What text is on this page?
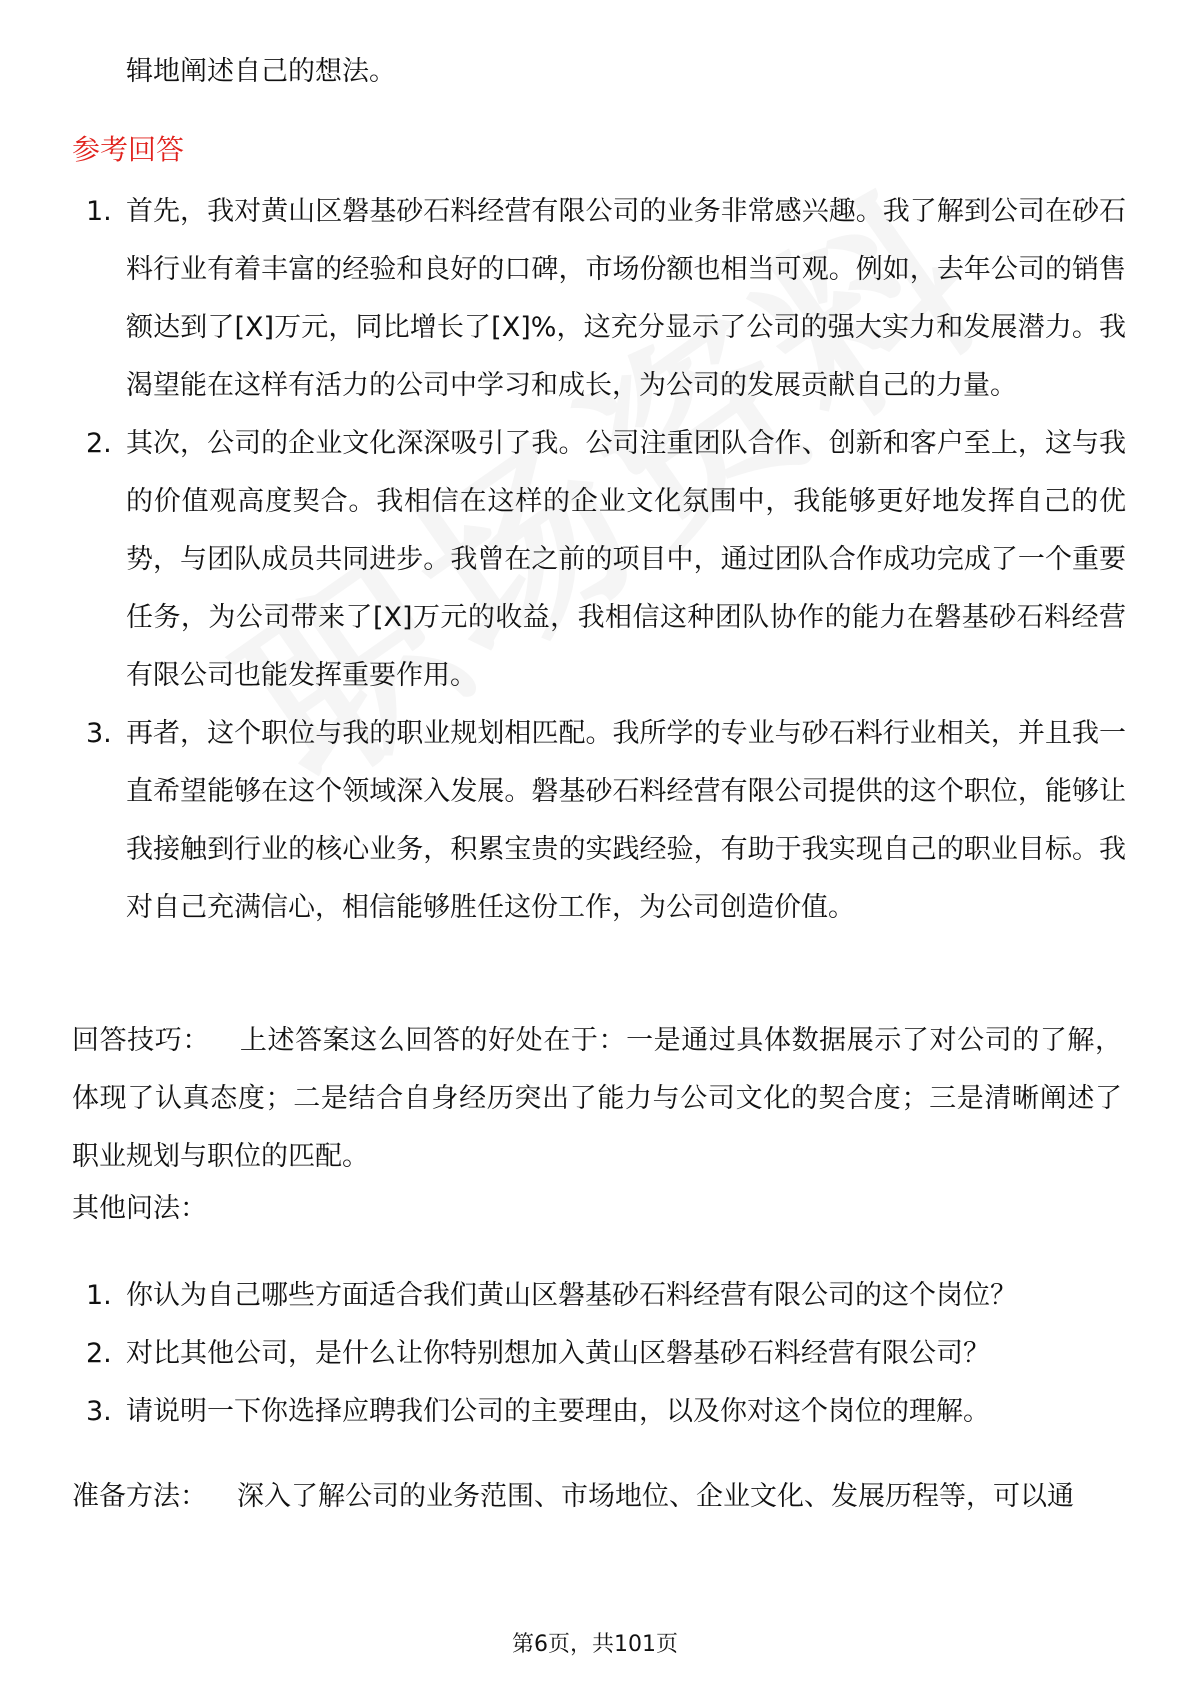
辑地阐述自己的想法。
参考回答
1. 首先，我对黄山区磐基砂石料经营有限公司的业务非常感兴趣。我了解到公司在砂石料行业有着丰富的经验和良好的口碑，市场份额也相当可观。例如，去年公司的销售额达到了[X]万元，同比增长了[X]%，这充分显示了公司的强大实力和发展潜力。我渴望能在这样有活力的公司中学习和成长，为公司的发展贡献自己的力量。
2. 其次，公司的企业文化深深吸引了我。公司注重团队合作、创新和客户至上，这与我的价值观高度契合。我相信在这样的企业文化氛围中，我能够更好地发挥自己的优势，与团队成员共同进步。我曾在之前的项目中，通过团队合作成功完成了一个重要任务，为公司带来了[X]万元的收益，我相信这种团队协作的能力在磐基砂石料经营有限公司也能发挥重要作用。
3. 再者，这个职位与我的职业规划相匹配。我所学的专业与砂石料行业相关，并且我一直希望能够在这个领域深入发展。磐基砂石料经营有限公司提供的这个职位，能够让我接触到行业的核心业务，积累宝贵的实践经验，有助于我实现自己的职业目标。我对自己充满信心，相信能够胜任这份工作，为公司创造价值。
回答技巧： 上述答案这么回答的好处在于：一是通过具体数据展示了对公司的了解，体现了认真态度；二是结合自身经历突出了能力与公司文化的契合度；三是清晰阐述了职业规划与职位的匹配。
其他问法：
1. 你认为自己哪些方面适合我们黄山区磐基砂石料经营有限公司的这个岗位？
2. 对比其他公司，是什么让你特别想加入黄山区磐基砂石料经营有限公司？
3. 请说明一下你选择应聘我们公司的主要理由，以及你对这个岗位的理解。
准备方法： 深入了解公司的业务范围、市场地位、企业文化、发展历程等，可以通
第6页，共101页
